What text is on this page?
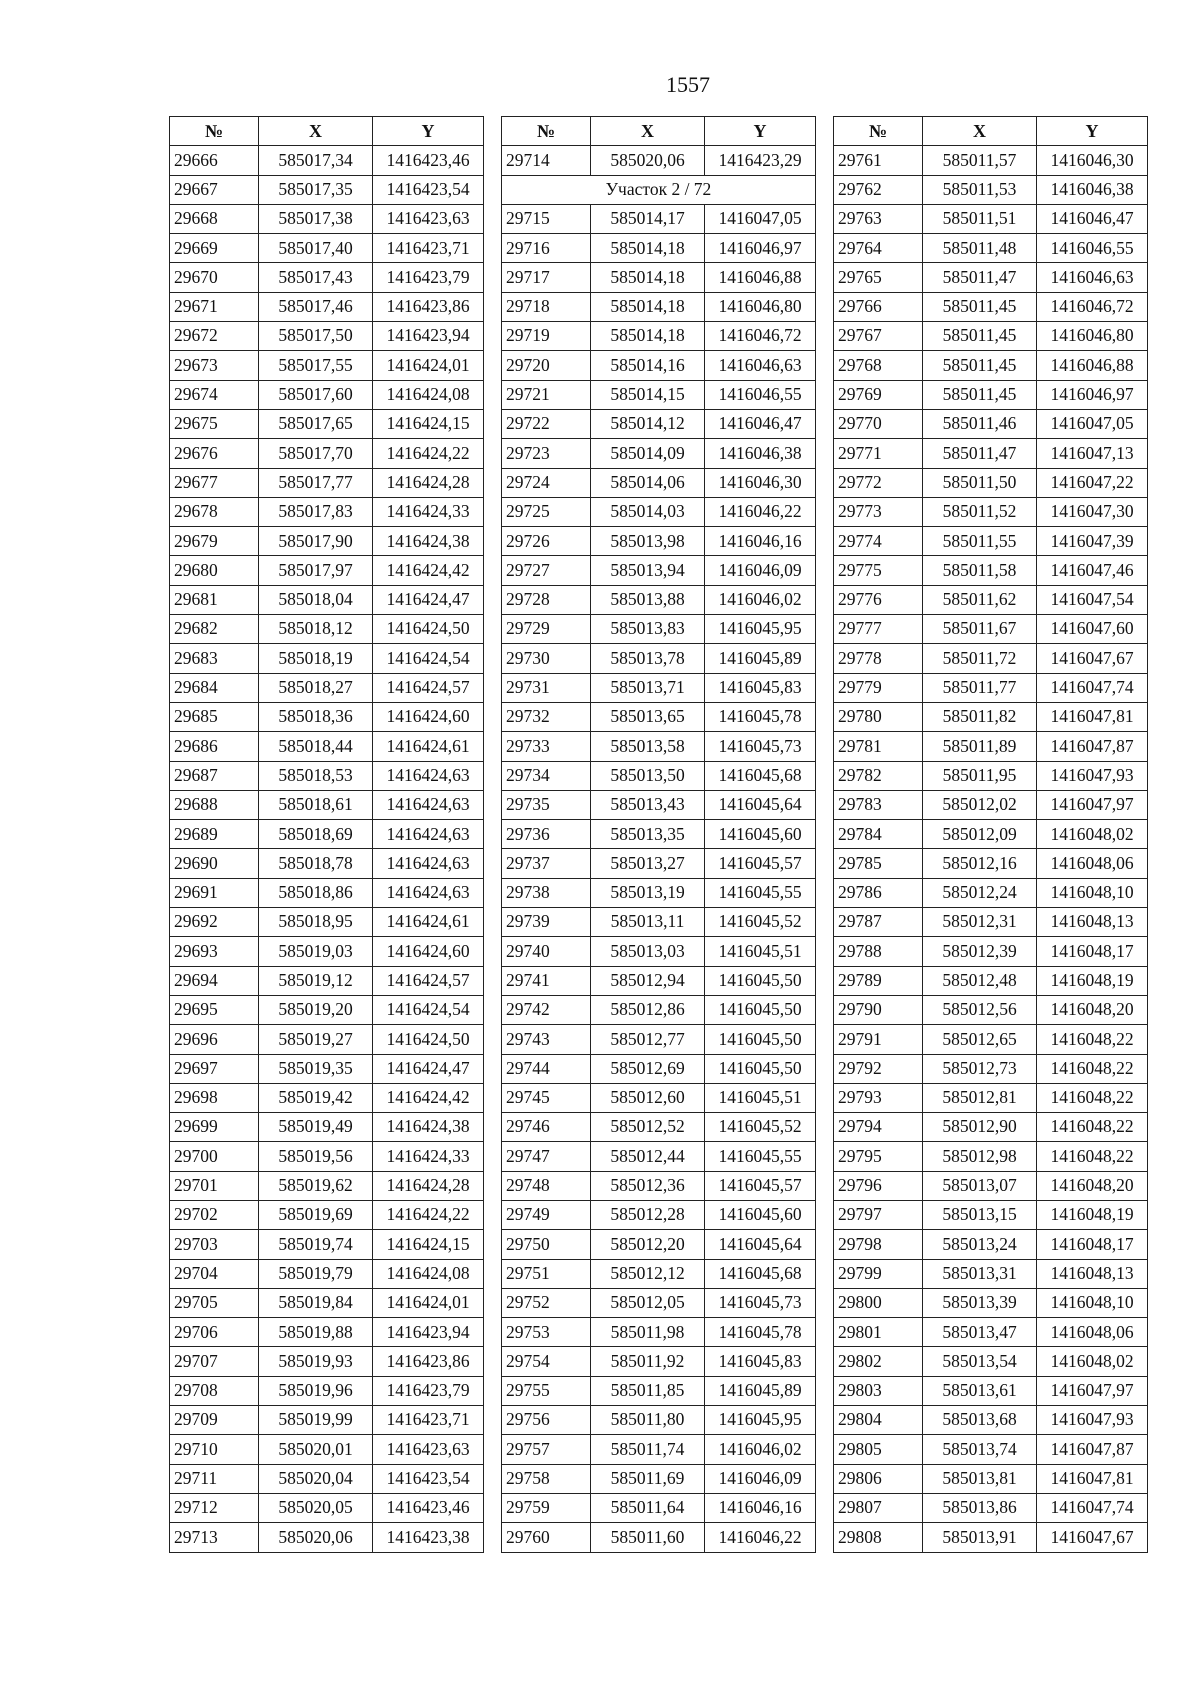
1557
№	X	Y
29666	585017,34	1416423,46
29667	585017,35	1416423,54
29668	585017,38	1416423,63
29669	585017,40	1416423,71
29670	585017,43	1416423,79
29671	585017,46	1416423,86
29672	585017,50	1416423,94
29673	585017,55	1416424,01
29674	585017,60	1416424,08
29675	585017,65	1416424,15
29676	585017,70	1416424,22
29677	585017,77	1416424,28
29678	585017,83	1416424,33
29679	585017,90	1416424,38
29680	585017,97	1416424,42
29681	585018,04	1416424,47
29682	585018,12	1416424,50
29683	585018,19	1416424,54
29684	585018,27	1416424,57
29685	585018,36	1416424,60
29686	585018,44	1416424,61
29687	585018,53	1416424,63
29688	585018,61	1416424,63
29689	585018,69	1416424,63
29690	585018,78	1416424,63
29691	585018,86	1416424,63
29692	585018,95	1416424,61
29693	585019,03	1416424,60
29694	585019,12	1416424,57
29695	585019,20	1416424,54
29696	585019,27	1416424,50
29697	585019,35	1416424,47
29698	585019,42	1416424,42
29699	585019,49	1416424,38
29700	585019,56	1416424,33
29701	585019,62	1416424,28
29702	585019,69	1416424,22
29703	585019,74	1416424,15
29704	585019,79	1416424,08
29705	585019,84	1416424,01
29706	585019,88	1416423,94
29707	585019,93	1416423,86
29708	585019,96	1416423,79
29709	585019,99	1416423,71
29710	585020,01	1416423,63
29711	585020,04	1416423,54
29712	585020,05	1416423,46
29713	585020,06	1416423,38
№	X	Y
29714	585020,06	1416423,29
Участок 2 / 72		
29715	585014,17	1416047,05
29716	585014,18	1416046,97
29717	585014,18	1416046,88
29718	585014,18	1416046,80
29719	585014,18	1416046,72
29720	585014,16	1416046,63
29721	585014,15	1416046,55
29722	585014,12	1416046,47
29723	585014,09	1416046,38
29724	585014,06	1416046,30
29725	585014,03	1416046,22
29726	585013,98	1416046,16
29727	585013,94	1416046,09
29728	585013,88	1416046,02
29729	585013,83	1416045,95
29730	585013,78	1416045,89
29731	585013,71	1416045,83
29732	585013,65	1416045,78
29733	585013,58	1416045,73
29734	585013,50	1416045,68
29735	585013,43	1416045,64
29736	585013,35	1416045,60
29737	585013,27	1416045,57
29738	585013,19	1416045,55
29739	585013,11	1416045,52
29740	585013,03	1416045,51
29741	585012,94	1416045,50
29742	585012,86	1416045,50
29743	585012,77	1416045,50
29744	585012,69	1416045,50
29745	585012,60	1416045,51
29746	585012,52	1416045,52
29747	585012,44	1416045,55
29748	585012,36	1416045,57
29749	585012,28	1416045,60
29750	585012,20	1416045,64
29751	585012,12	1416045,68
29752	585012,05	1416045,73
29753	585011,98	1416045,78
29754	585011,92	1416045,83
29755	585011,85	1416045,89
29756	585011,80	1416045,95
29757	585011,74	1416046,02
29758	585011,69	1416046,09
29759	585011,64	1416046,16
29760	585011,60	1416046,22
№	X	Y
29761	585011,57	1416046,30
29762	585011,53	1416046,38
29763	585011,51	1416046,47
29764	585011,48	1416046,55
29765	585011,47	1416046,63
29766	585011,45	1416046,72
29767	585011,45	1416046,80
29768	585011,45	1416046,88
29769	585011,45	1416046,97
29770	585011,46	1416047,05
29771	585011,47	1416047,13
29772	585011,50	1416047,22
29773	585011,52	1416047,30
29774	585011,55	1416047,39
29775	585011,58	1416047,46
29776	585011,62	1416047,54
29777	585011,67	1416047,60
29778	585011,72	1416047,67
29779	585011,77	1416047,74
29780	585011,82	1416047,81
29781	585011,89	1416047,87
29782	585011,95	1416047,93
29783	585012,02	1416047,97
29784	585012,09	1416048,02
29785	585012,16	1416048,06
29786	585012,24	1416048,10
29787	585012,31	1416048,13
29788	585012,39	1416048,17
29789	585012,48	1416048,19
29790	585012,56	1416048,20
29791	585012,65	1416048,22
29792	585012,73	1416048,22
29793	585012,81	1416048,22
29794	585012,90	1416048,22
29795	585012,98	1416048,22
29796	585013,07	1416048,20
29797	585013,15	1416048,19
29798	585013,24	1416048,17
29799	585013,31	1416048,13
29800	585013,39	1416048,10
29801	585013,47	1416048,06
29802	585013,54	1416048,02
29803	585013,61	1416047,97
29804	585013,68	1416047,93
29805	585013,74	1416047,87
29806	585013,81	1416047,81
29807	585013,86	1416047,74
29808	585013,91	1416047,67
